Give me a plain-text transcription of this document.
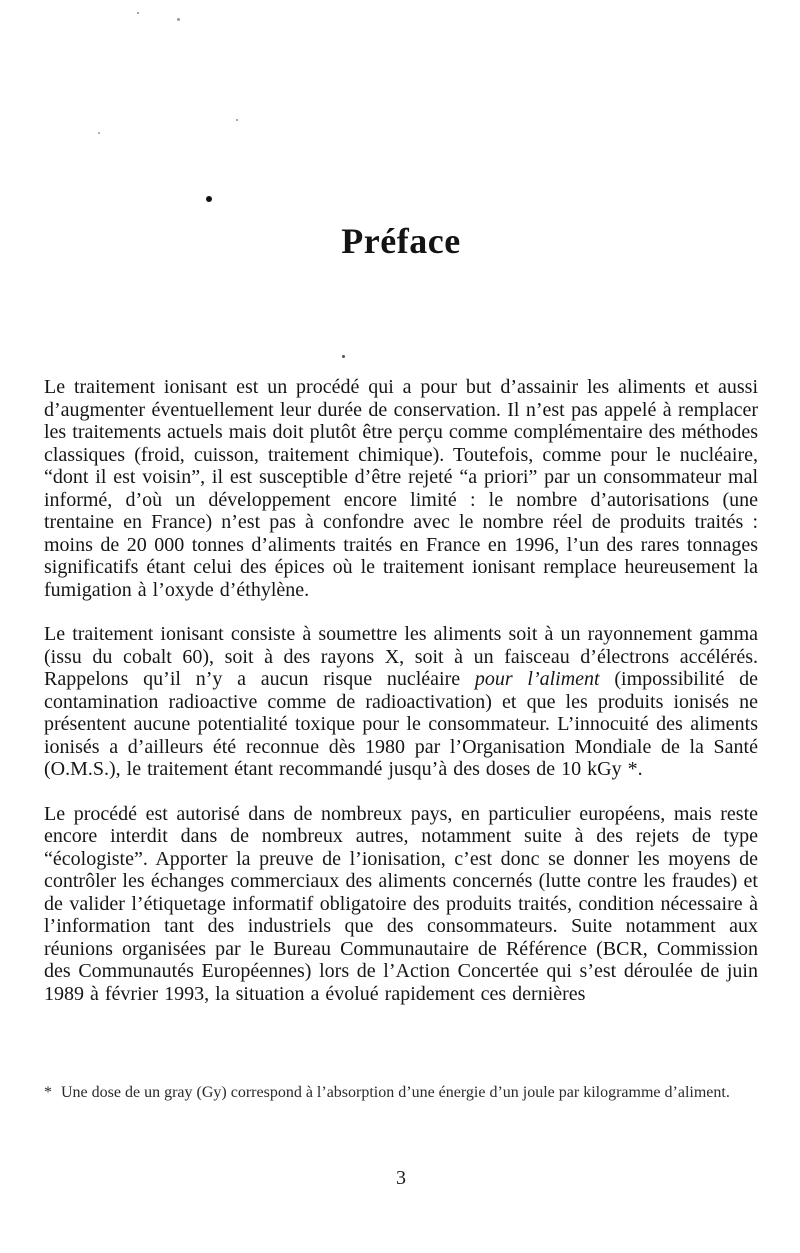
Préface

Le traitement ionisant est un procédé qui a pour but d’assainir les aliments et aussi d’augmenter éventuellement leur durée de conservation. Il n’est pas appelé à remplacer les traitements actuels mais doit plutôt être perçu comme complémentaire des méthodes classiques (froid, cuisson, traitement chimique). Toutefois, comme pour le nucléaire, “dont il est voisin”, il est susceptible d’être rejeté “a priori” par un consommateur mal informé, d’où un développement encore limité : le nombre d’autorisations (une trentaine en France) n’est pas à confondre avec le nombre réel de produits traités : moins de 20 000 tonnes d’aliments traités en France en 1996, l’un des rares tonnages significatifs étant celui des épices où le traitement ionisant remplace heureusement la fumigation à l’oxyde d’éthylène.

Le traitement ionisant consiste à soumettre les aliments soit à un rayonnement gamma (issu du cobalt 60), soit à des rayons X, soit à un faisceau d’électrons accélérés. Rappelons qu’il n’y a aucun risque nucléaire pour l’aliment (impossibilité de contamination radioactive comme de radioactivation) et que les produits ionisés ne présentent aucune potentialité toxique pour le consommateur. L’innocuité des aliments ionisés a d’ailleurs été reconnue dès 1980 par l’Organisation Mondiale de la Santé (O.M.S.), le traitement étant recommandé jusqu’à des doses de 10 kGy *.

Le procédé est autorisé dans de nombreux pays, en particulier européens, mais reste encore interdit dans de nombreux autres, notamment suite à des rejets de type “écologiste”. Apporter la preuve de l’ionisation, c’est donc se donner les moyens de contrôler les échanges commerciaux des aliments concernés (lutte contre les fraudes) et de valider l’étiquetage informatif obligatoire des produits traités, condition nécessaire à l’information tant des industriels que des consommateurs. Suite notamment aux réunions organisées par le Bureau Communautaire de Référence (BCR, Commission des Communautés Européennes) lors de l’Action Concertée qui s’est déroulée de juin 1989 à février 1993, la situation a évolué rapidement ces dernières

* Une dose de un gray (Gy) correspond à l’absorption d’une énergie d’un joule par kilogramme d’aliment.
3
